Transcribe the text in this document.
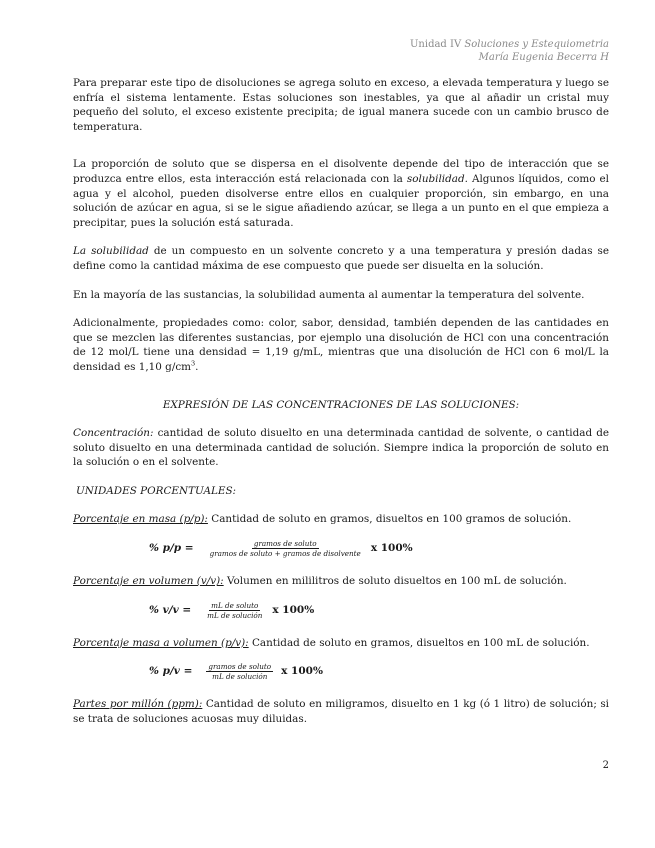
Unidad IV Soluciones y Estequiometria
María Eugenia Becerra H

Para preparar este tipo de disoluciones se agrega soluto en exceso, a elevada temperatura y luego se enfría el sistema lentamente. Estas soluciones son inestables, ya que al añadir un cristal muy pequeño del soluto, el exceso existente precipita; de igual manera sucede con un cambio brusco de temperatura.

La proporción de soluto que se dispersa en el disolvente depende del tipo de interacción que se produzca entre ellos, esta interacción está relacionada con la solubilidad. Algunos líquidos, como el agua y el alcohol, pueden disolverse entre ellos en cualquier proporción, sin embargo, en una solución de azúcar en agua, si se le sigue añadiendo azúcar, se llega a un punto en el que empieza a precipitar, pues la solución está saturada.

La solubilidad de un compuesto en un solvente concreto y a una temperatura y presión dadas se define como la cantidad máxima de ese compuesto que puede ser disuelta en la solución.

En la mayoría de las sustancias, la solubilidad aumenta al aumentar la temperatura del solvente.

Adicionalmente, propiedades como: color, sabor, densidad, también dependen de las cantidades en que se mezclen las diferentes sustancias, por ejemplo una disolución de HCl con una concentración de 12 mol/L tiene una densidad = 1,19 g/mL, mientras que una disolución de HCl con 6 mol/L la densidad es 1,10 $g/cm^3$.

EXPRESIÓN DE LAS CONCENTRACIONES DE LAS SOLUCIONES:

Concentración: cantidad de soluto disuelto en una determinada cantidad de solvente, o cantidad de soluto disuelto en una determinada cantidad de solución. Siempre indica la proporción de soluto en la solución o en el solvente.

UNIDADES PORCENTUALES:

Porcentaje en masa (p/p): Cantidad de soluto en gramos, disueltos en 100 gramos de solución.

% $p/p = \frac{\text{gramos de soluto}}{\text{gramos de soluto + gramos de disolvente}}$ x 100%

Porcentaje en volumen (v/v): Volumen en mililitros de soluto disueltos en 100 mL de solución.

% $v/v = \frac{\text{mL de soluto}}{\text{mL de solución}}$ x 100%

Porcentaje masa a volumen (p/v): Cantidad de soluto en gramos, disueltos en 100 mL de solución.

% $p/v = \frac{\text{gramos de soluto}}{\text{mL de solución}}$ x 100%

Partes por millón (ppm): Cantidad de soluto en miligramos, disuelto en 1 kg (ó 1 litro) de solución; si se trata de soluciones acuosas muy diluidas.

2
